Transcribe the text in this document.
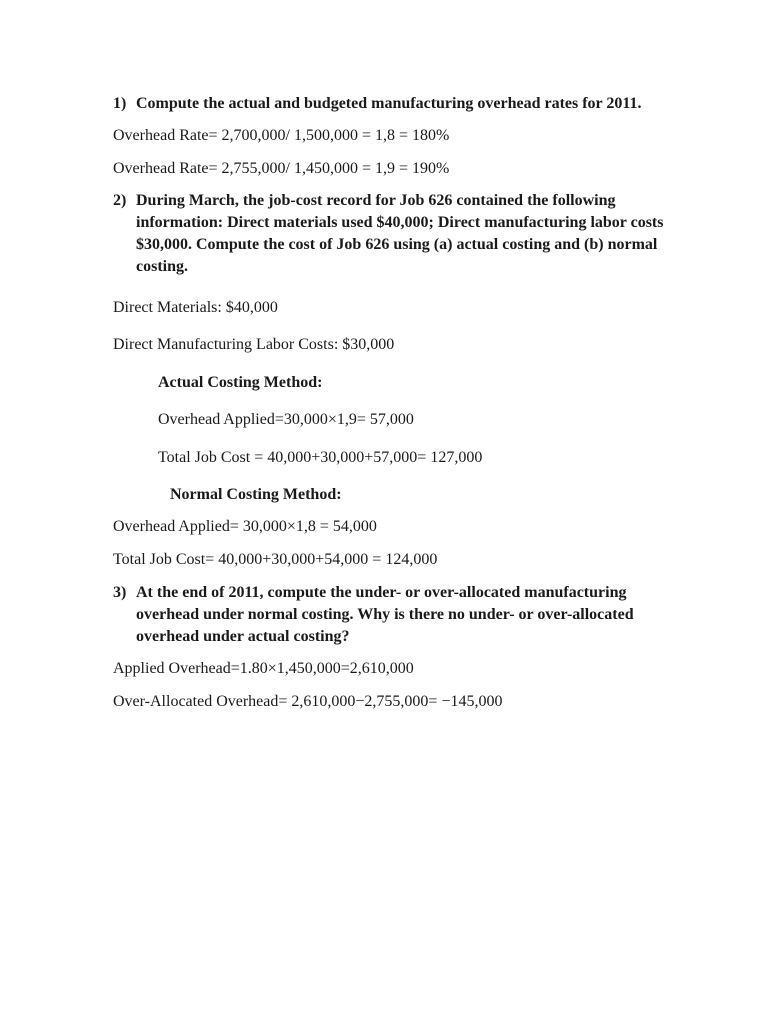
1) Compute the actual and budgeted manufacturing overhead rates for 2011.
Overhead Rate= 2,700,000/ 1,500,000 = 1,8 = 180%
Overhead Rate= 2,755,000/ 1,450,000 = 1,9 = 190%
2) During March, the job-cost record for Job 626 contained the following
information: Direct materials used $40,000; Direct manufacturing labor costs
$30,000. Compute the cost of Job 626 using (a) actual costing and (b) normal
costing.
Direct Materials: $40,000
Direct Manufacturing Labor Costs: $30,000
Actual Costing Method:
Overhead Applied=30,000×1,9= 57,000
Total Job Cost = 40,000+30,000+57,000= 127,000
Normal Costing Method:
Overhead Applied= 30,000×1,8 = 54,000
Total Job Cost= 40,000+30,000+54,000 = 124,000
3) At the end of 2011, compute the under- or over-allocated manufacturing
overhead under normal costing. Why is there no under- or over-allocated
overhead under actual costing?
Applied Overhead=1.80×1,450,000=2,610,000
Over-Allocated Overhead= 2,610,000−2,755,000= −145,000
